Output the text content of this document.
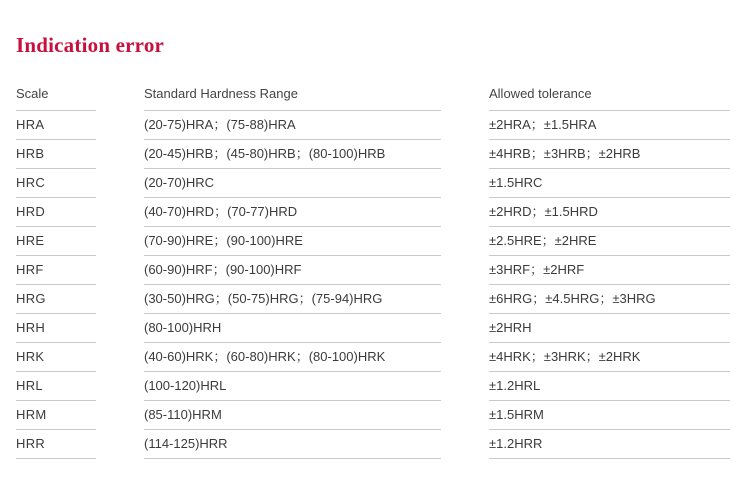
Indication error
Scale	Standard Hardness Range	Allowed tolerance

HRA	(20-75)HRA；(75-88)HRA	±2HRA；±1.5HRA

HRB	(20-45)HRB；(45-80)HRB；(80-100)HRB	±4HRB；±3HRB；±2HRB

HRC	(20-70)HRC	±1.5HRC

HRD	(40-70)HRD；(70-77)HRD	±2HRD；±1.5HRD

HRE	(70-90)HRE；(90-100)HRE	±2.5HRE；±2HRE

HRF	(60-90)HRF；(90-100)HRF	±3HRF；±2HRF

HRG	(30-50)HRG；(50-75)HRG；(75-94)HRG	±6HRG；±4.5HRG；±3HRG

HRH	(80-100)HRH	±2HRH

HRK	(40-60)HRK；(60-80)HRK；(80-100)HRK	±4HRK；±3HRK；±2HRK

HRL	(100-120)HRL	±1.2HRL

HRM	(85-110)HRM	±1.5HRM

HRR	(114-125)HRR	±1.2HRR
